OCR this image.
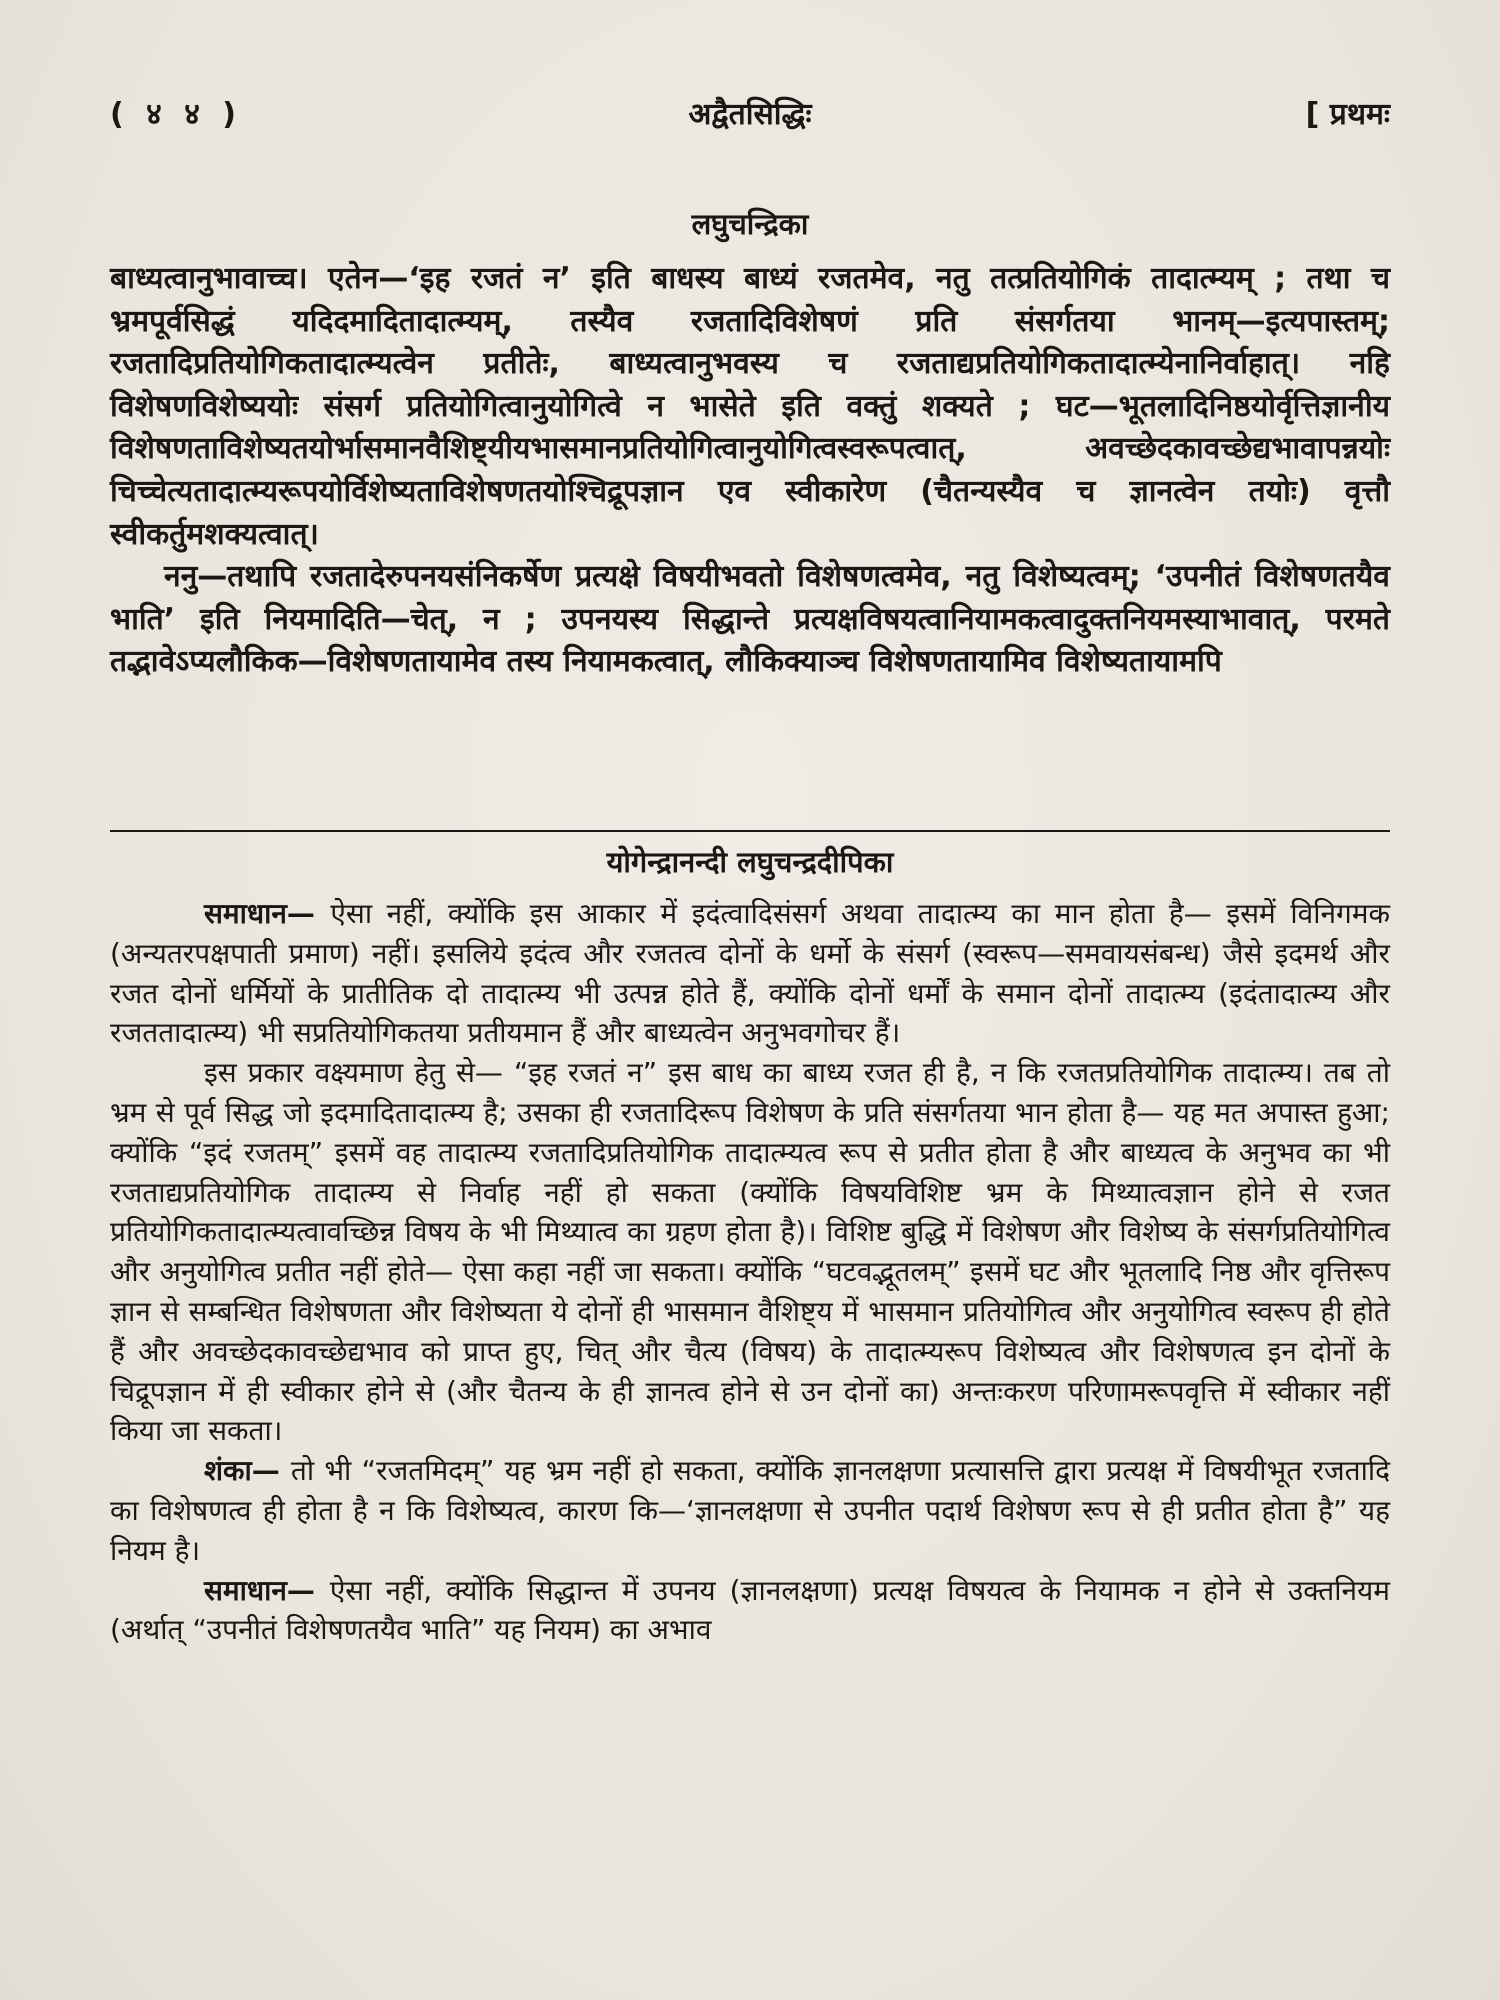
( ४ ४ )	अद्वैतसिद्धिः	[ प्रथमः
लघुचन्द्रिका

बाध्यत्वानुभावाच्च। एतेन—‘इह रजतं न’ इति बाधस्य बाध्यं रजतमेव, नतु तत्प्रतियोगिकं तादात्म्यम् ; तथा च भ्रमपूर्वसिद्धं यदिदमादितादात्म्यम्, तस्यैव रजतादिविशेषणं प्रति संसर्गतया भानम्—इत्यपास्तम्; रजतादिप्रतियोगिकतादात्म्यत्वेन प्रतीतेः, बाध्यत्वानुभवस्य च रजताद्यप्रतियोगिकतादात्म्येनानिर्वाहात्। नहि विशेषणविशेष्ययोः संसर्ग प्रतियोगित्वानुयोगित्वे न भासेते इति वक्तुं शक्यते ; घट—भूतलादिनिष्ठयोर्वृत्तिज्ञानीय विशेषणताविशेष्यतयोर्भासमानवैशिष्ट्यीयभासमानप्रतियोगित्वानुयोगित्वस्वरूपत्वात्, अवच्छेदकावच्छेद्यभावापन्नयोः चिच्चेत्यतादात्म्यरूपयोर्विशेष्यताविशेषणतयोश्चिद्रूपज्ञान एव स्वीकारेण (चैतन्यस्यैव च ज्ञानत्वेन तयोः) वृत्तौ स्वीकर्तुमशक्यत्वात्।

ननु—तथापि रजतादेरुपनयसंनिकर्षेण प्रत्यक्षे विषयीभवतो विशेषणत्वमेव, नतु विशेष्यत्वम्; ‘उपनीतं विशेषणतयैव भाति’ इति नियमादिति—चेत्, न ; उपनयस्य सिद्धान्ते प्रत्यक्षविषयत्वानियामकत्वादुक्तनियमस्याभावात्, परमते तद्भावेऽप्यलौकिक—विशेषणतायामेव तस्य नियामकत्वात्, लौकिक्याञ्च विशेषणतायामिव विशेष्यतायामपि

योगेन्द्रानन्दी लघुचन्द्रदीपिका

समाधान— ऐसा नहीं, क्योंकि इस आकार में इदंत्वादिसंसर्ग अथवा तादात्म्य का मान होता है— इसमें विनिगमक (अन्यतरपक्षपाती प्रमाण) नहीं। इसलिये इदंत्व और रजतत्व दोनों के धर्मो के संसर्ग (स्वरूप—समवायसंबन्ध) जैसे इदमर्थ और रजत दोनों धर्मियों के प्रातीतिक दो तादात्म्य भी उत्पन्न होते हैं, क्योंकि दोनों धर्मों के समान दोनों तादात्म्य (इदंतादात्म्य और रजततादात्म्य) भी सप्रतियोगिकतया प्रतीयमान हैं और बाध्यत्वेन अनुभवगोचर हैं।

इस प्रकार वक्ष्यमाण हेतु से— “इह रजतं न” इस बाध का बाध्य रजत ही है, न कि रजतप्रतियोगिक तादात्म्य। तब तो भ्रम से पूर्व सिद्ध जो इदमादितादात्म्य है; उसका ही रजतादिरूप विशेषण के प्रति संसर्गतया भान होता है— यह मत अपास्त हुआ; क्योंकि “इदं रजतम्” इसमें वह तादात्म्य रजतादिप्रतियोगिक तादात्म्यत्व रूप से प्रतीत होता है और बाध्यत्व के अनुभव का भी रजताद्यप्रतियोगिक तादात्म्य से निर्वाह नहीं हो सकता (क्योंकि विषयविशिष्ट भ्रम के मिथ्यात्वज्ञान होने से रजत प्रतियोगिकतादात्म्यत्वावच्छिन्न विषय के भी मिथ्यात्व का ग्रहण होता है)। विशिष्ट बुद्धि में विशेषण और विशेष्य के संसर्गप्रतियोगित्व और अनुयोगित्व प्रतीत नहीं होते— ऐसा कहा नहीं जा सकता। क्योंकि “घटवद्भूतलम्” इसमें घट और भूतलादि निष्ठ और वृत्तिरूप ज्ञान से सम्बन्धित विशेषणता और विशेष्यता ये दोनों ही भासमान वैशिष्ट्य में भासमान प्रतियोगित्व और अनुयोगित्व स्वरूप ही होते हैं और अवच्छेदकावच्छेद्यभाव को प्राप्त हुए, चित् और चैत्य (विषय) के तादात्म्यरूप विशेष्यत्व और विशेषणत्व इन दोनों के चिद्रूपज्ञान में ही स्वीकार होने से (और चैतन्य के ही ज्ञानत्व होने से उन दोनों का) अन्तःकरण परिणामरूपवृत्ति में स्वीकार नहीं किया जा सकता।

शंका— तो भी “रजतमिदम्” यह भ्रम नहीं हो सकता, क्योंकि ज्ञानलक्षणा प्रत्यासत्ति द्वारा प्रत्यक्ष में विषयीभूत रजतादि का विशेषणत्व ही होता है न कि विशेष्यत्व, कारण कि—‘ज्ञानलक्षणा से उपनीत पदार्थ विशेषण रूप से ही प्रतीत होता है” यह नियम है।

समाधान— ऐसा नहीं, क्योंकि सिद्धान्त में उपनय (ज्ञानलक्षणा) प्रत्यक्ष विषयत्व के नियामक न होने से उक्तनियम (अर्थात् “उपनीतं विशेषणतयैव भाति” यह नियम) का अभाव
